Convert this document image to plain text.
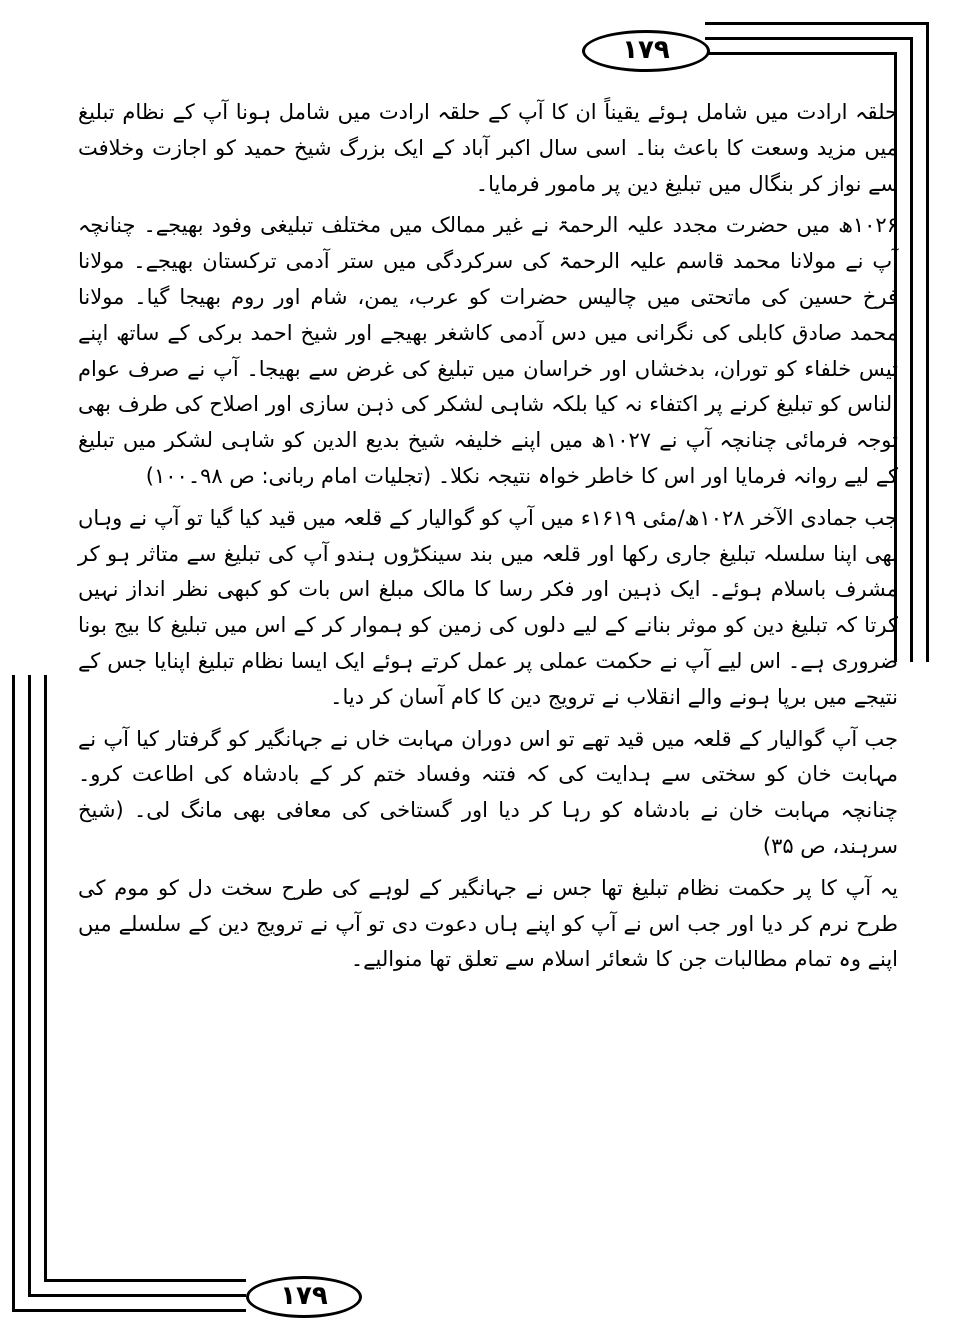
۱۷۹
۱۷۹

حلقہ ارادت میں شامل ہوئے یقیناً ان کا آپ کے حلقہ ارادت میں شامل ہونا آپ کے نظام تبلیغ میں مزید وسعت کا باعث بنا۔ اسی سال اکبر آباد کے ایک بزرگ شیخ حمید کو اجازت وخلافت سے نواز کر بنگال میں تبلیغ دین پر مامور فرمایا۔

۱۰۲۶ھ میں حضرت مجدد علیہ الرحمۃ نے غیر ممالک میں مختلف تبلیغی وفود بھیجے۔ چنانچہ آپ نے مولانا محمد قاسم علیہ الرحمۃ کی سرکردگی میں ستر آدمی ترکستان بھیجے۔ مولانا فرخ حسین کی ماتحتی میں چالیس حضرات کو عرب، یمن، شام اور روم بھیجا گیا۔ مولانا محمد صادق کابلی کی نگرانی میں دس آدمی کاشغر بھیجے اور شیخ احمد برکی کے ساتھ اپنے تیس خلفاء کو توران، بدخشاں اور خراسان میں تبلیغ کی غرض سے بھیجا۔ آپ نے صرف عوام الناس کو تبلیغ کرنے پر اکتفاء نہ کیا بلکہ شاہی لشکر کی ذہن سازی اور اصلاح کی طرف بھی توجہ فرمائی چنانچہ آپ نے ۱۰۲۷ھ میں اپنے خلیفہ شیخ بدیع الدین کو شاہی لشکر میں تبلیغ کے لیے روانہ فرمایا اور اس کا خاطر خواہ نتیجہ نکلا۔ (تجلیات امام ربانی: ص ۹۸۔۱۰۰)

جب جمادی الآخر ۱۰۲۸ھ/مئی ۱۶۱۹ء میں آپ کو گوالیار کے قلعہ میں قید کیا گیا تو آپ نے وہاں بھی اپنا سلسلہ تبلیغ جاری رکھا اور قلعہ میں بند سینکڑوں ہندو آپ کی تبلیغ سے متاثر ہو کر مشرف باسلام ہوئے۔ ایک ذہین اور فکر رسا کا مالک مبلغ اس بات کو کبھی نظر انداز نہیں کرتا کہ تبلیغ دین کو موثر بنانے کے لیے دلوں کی زمین کو ہموار کر کے اس میں تبلیغ کا بیج بونا ضروری ہے۔ اس لیے آپ نے حکمت عملی پر عمل کرتے ہوئے ایک ایسا نظام تبلیغ اپنایا جس کے نتیجے میں برپا ہونے والے انقلاب نے ترویج دین کا کام آسان کر دیا۔

جب آپ گوالیار کے قلعہ میں قید تھے تو اس دوران مہابت خاں نے جہانگیر کو گرفتار کیا آپ نے مہابت خان کو سختی سے ہدایت کی کہ فتنہ وفساد ختم کر کے بادشاہ کی اطاعت کرو۔ چنانچہ مہابت خان نے بادشاہ کو رہا کر دیا اور گستاخی کی معافی بھی مانگ لی۔ (شیخ سرہند، ص ۳۵)

یہ آپ کا پر حکمت نظام تبلیغ تھا جس نے جہانگیر کے لوہے کی طرح سخت دل کو موم کی طرح نرم کر دیا اور جب اس نے آپ کو اپنے ہاں دعوت دی تو آپ نے ترویج دین کے سلسلے میں اپنے وہ تمام مطالبات جن کا شعائر اسلام سے تعلق تھا منوالیے۔
